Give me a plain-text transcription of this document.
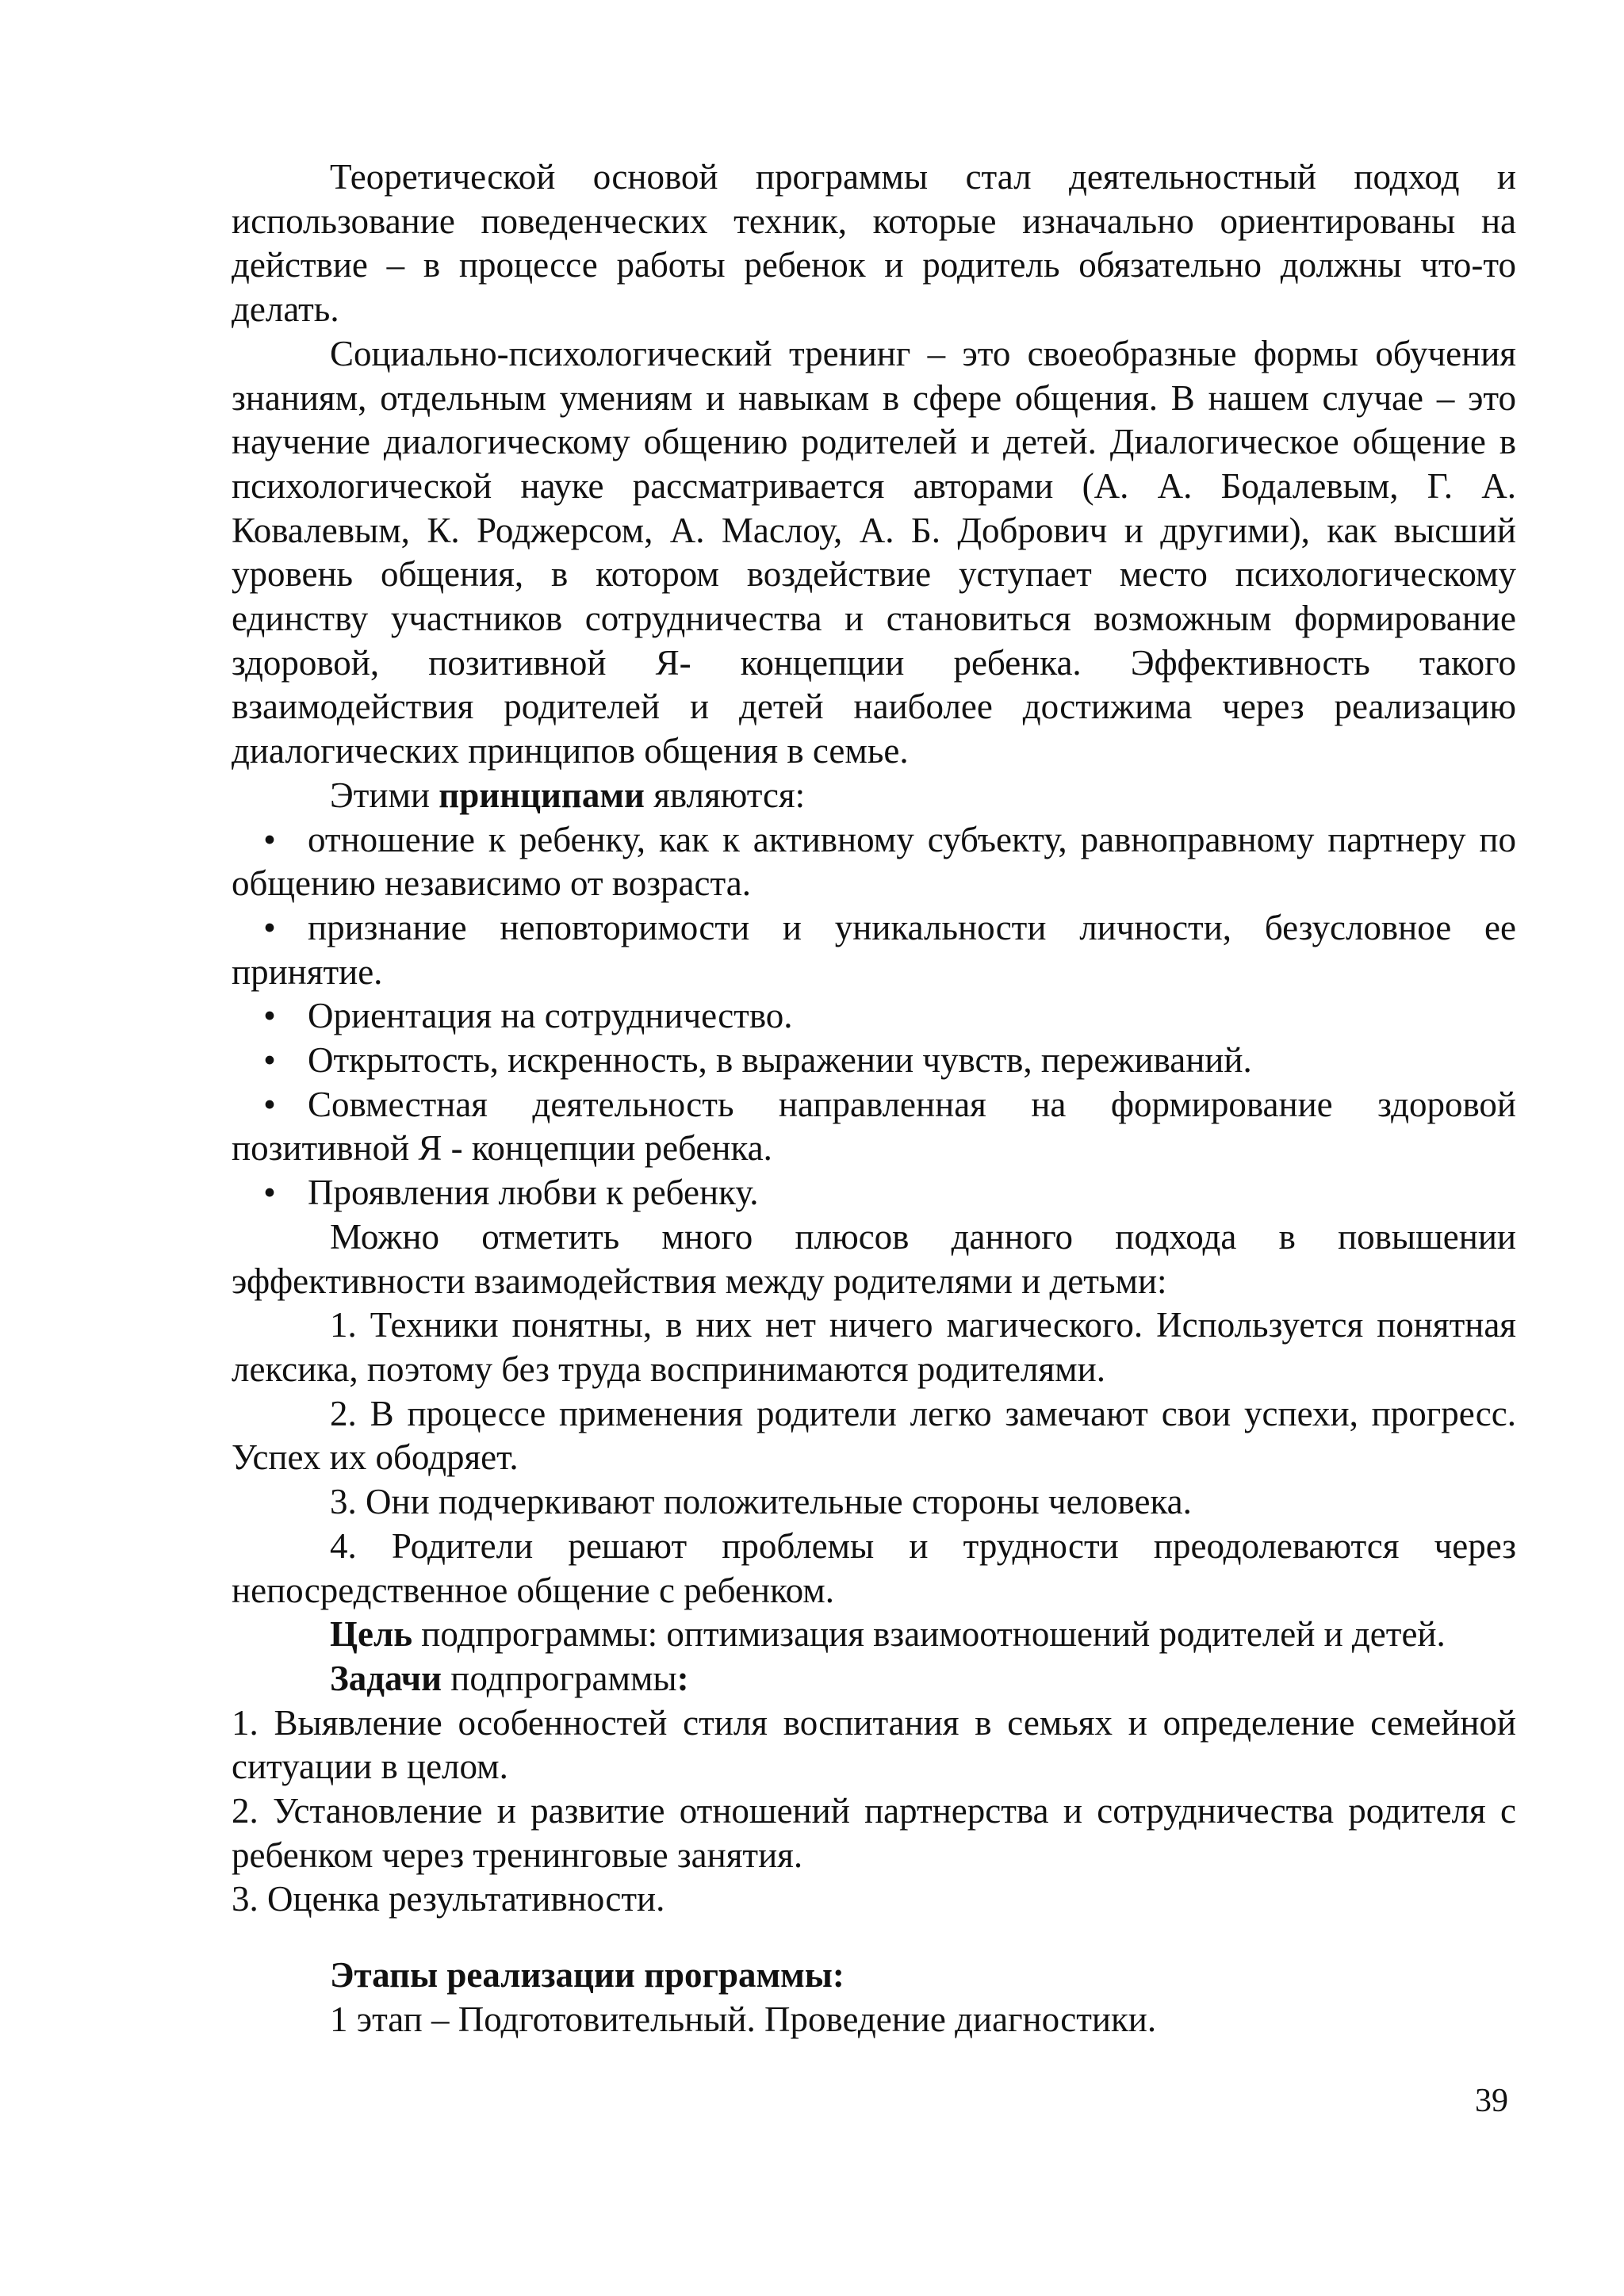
Теоретической основой программы стал деятельностный подход и использование поведенческих техник, которые изначально ориентированы на действие – в процессе работы ребенок и родитель обязательно должны что-то делать.

Социально-психологический тренинг – это своеобразные формы обучения знаниям, отдельным умениям и навыкам в сфере общения. В нашем случае – это научение диалогическому общению родителей и детей. Диалогическое общение в психологической науке рассматривается авторами (А. А. Бодалевым, Г. А. Ковалевым, К. Роджерсом, А. Маслоу, А. Б. Добрович и другими), как высший уровень общения, в котором воздействие уступает место психологическому единству участников сотрудничества и становиться возможным формирование здоровой, позитивной Я- концепции ребенка. Эффективность такого взаимодействия родителей и детей наиболее достижима через реализацию диалогических принципов общения в семье.

Этими принципами являются:

• отношение к ребенку, как к активному субъекту, равноправному партнеру по общению независимо от возраста.

• признание неповторимости и уникальности личности, безусловное ее принятие.

• Ориентация на сотрудничество.

• Открытость, искренность, в выражении чувств, переживаний.

• Совместная деятельность направленная на формирование здоровой позитивной Я - концепции ребенка.

• Проявления любви к ребенку.

Можно отметить много плюсов данного подхода в повышении эффективности взаимодействия между родителями и детьми:

1. Техники понятны, в них нет ничего магического. Используется понятная лексика, поэтому без труда воспринимаются родителями.

2. В процессе применения родители легко замечают свои успехи, прогресс. Успех их ободряет.

3. Они подчеркивают положительные стороны человека.

4. Родители решают проблемы и трудности преодолеваются через непосредственное общение с ребенком.

Цель подпрограммы: оптимизация взаимоотношений родителей и детей.

Задачи подпрограммы:

1. Выявление особенностей стиля воспитания в семьях и определение семейной ситуации в целом.

2. Установление и развитие отношений партнерства и сотрудничества родителя с ребенком через тренинговые занятия.

3. Оценка результативности.

Этапы реализации программы:

1 этап – Подготовительный. Проведение диагностики.

39
